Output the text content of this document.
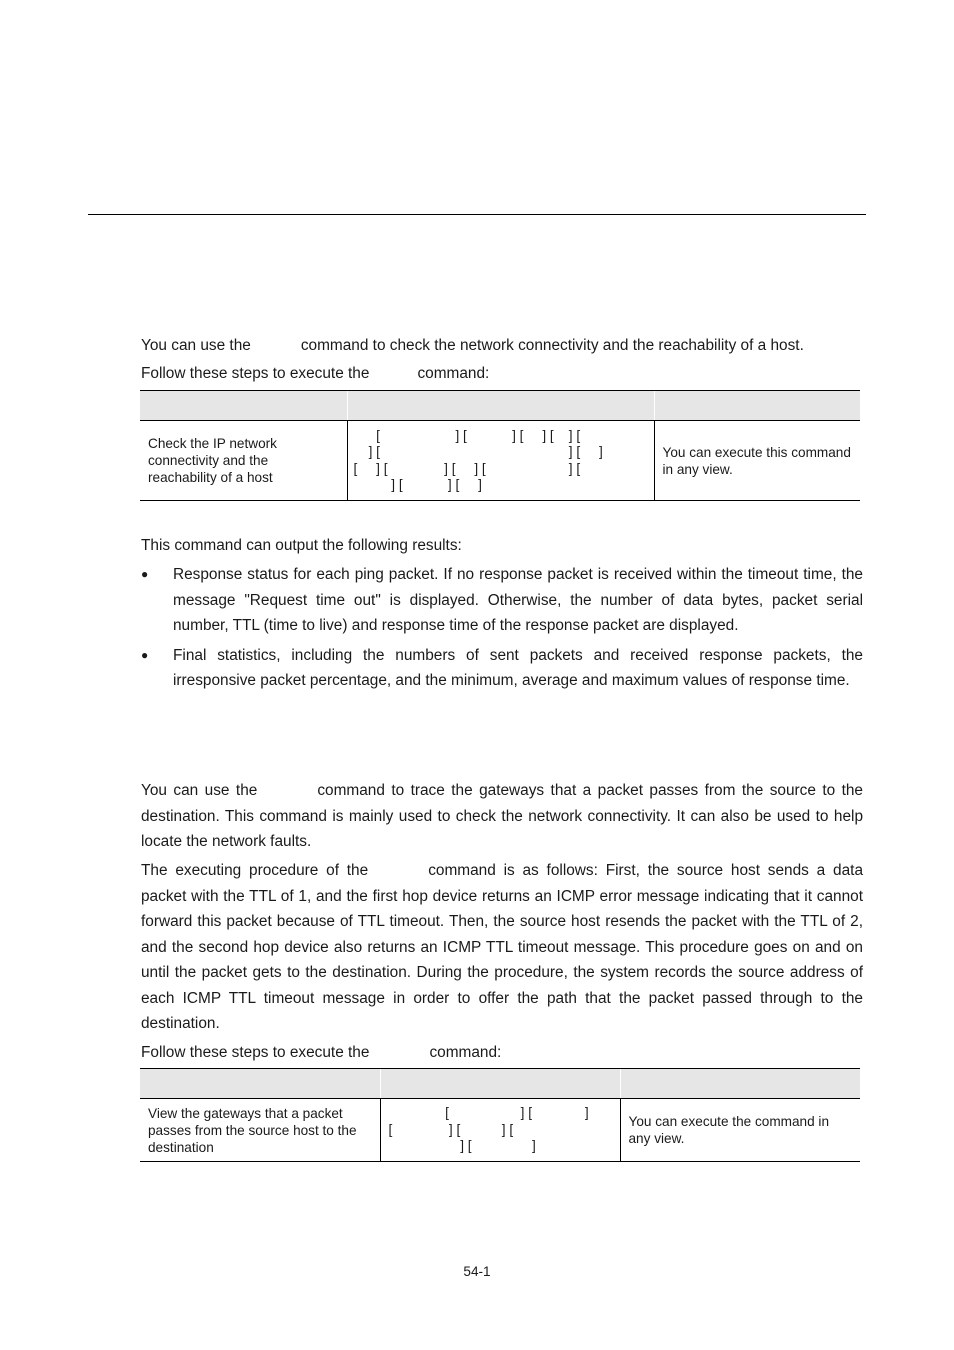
You can use the	command to check the network connectivity and the reachability of a host.

Follow these steps to execute the	command:

Check the IP network connectivity and the reachability of a host	[                    ] [            ] [     ] [    ] [
] [                                                  ] [     ]
[     ] [               ] [     ] [                      ] [
] [            ] [     ]	You can execute this command in any view.

This command can output the following results:

● Response status for each ping packet. If no response packet is received within the timeout time, the message "Request time out" is displayed. Otherwise, the number of data bytes, packet serial number, TTL (time to live) and response time of the response packet are displayed.
● Final statistics, including the numbers of sent packets and received response packets, the irresponsive packet percentage, and the minimum, average and maximum values of response time.

You can use the	command to trace the gateways that a packet passes from the source to the destination. This command is mainly used to check the network connectivity. It can also be used to help locate the network faults.

The executing procedure of the	command is as follows: First, the source host sends a data packet with the TTL of 1, and the first hop device returns an ICMP error message indicating that it cannot forward this packet because of TTL timeout. Then, the source host resends the packet with the TTL of 2, and the second hop device also returns an ICMP TTL timeout message. This procedure goes on and on until the packet gets to the destination. During the procedure, the system records the source address of each ICMP TTL timeout message in order to offer the path that the packet passed through to the destination.

Follow these steps to execute the	command:

View the gateways that a packet passes from the source host to the destination	[                   ] [              ]
[               ] [           ] [
] [                ]	You can execute the command in any view.
54-1
